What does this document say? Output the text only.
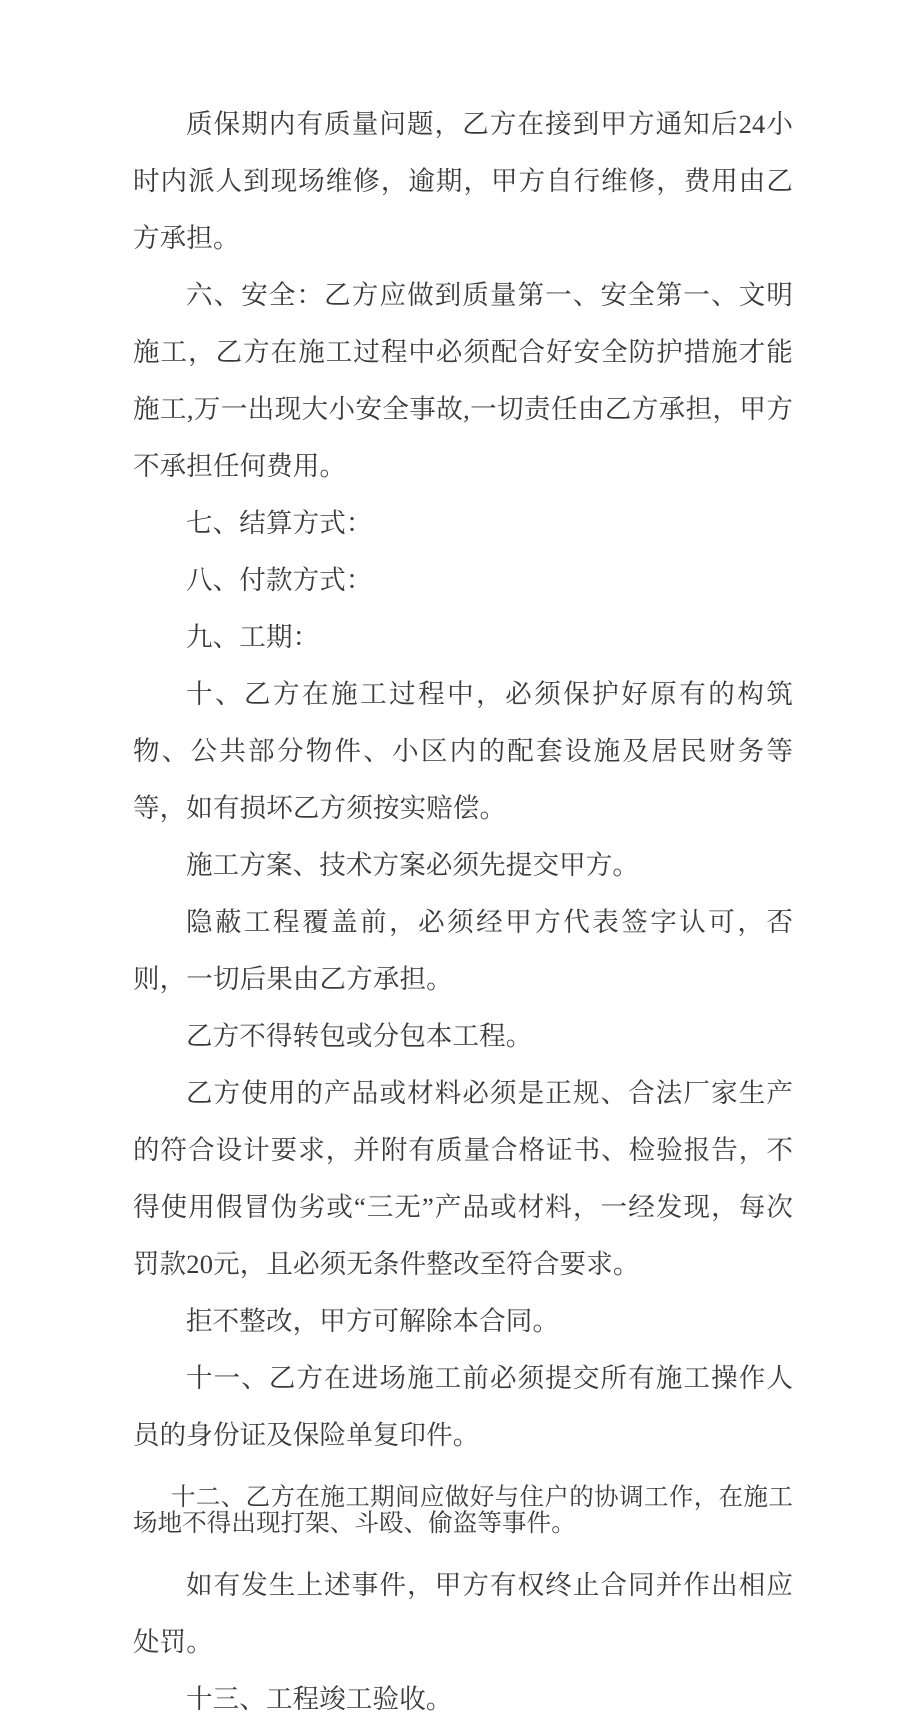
质保期内有质量问题，乙方在接到甲方通知后24小时内派人到现场维修，逾期，甲方自行维修，费用由乙方承担。

六、安全：乙方应做到质量第一、安全第一、文明施工，乙方在施工过程中必须配合好安全防护措施才能施工,万一出现大小安全事故,一切责任由乙方承担，甲方不承担任何费用。

七、结算方式：

八、付款方式：

九、工期：

十、乙方在施工过程中，必须保护好原有的构筑物、公共部分物件、小区内的配套设施及居民财务等等，如有损坏乙方须按实赔偿。

施工方案、技术方案必须先提交甲方。

隐蔽工程覆盖前，必须经甲方代表签字认可，否则，一切后果由乙方承担。

乙方不得转包或分包本工程。

乙方使用的产品或材料必须是正规、合法厂家生产的符合设计要求，并附有质量合格证书、检验报告，不得使用假冒伪劣或“三无”产品或材料，一经发现，每次罚款20元，且必须无条件整改至符合要求。

拒不整改，甲方可解除本合同。

十一、乙方在进场施工前必须提交所有施工操作人员的身份证及保险单复印件。

十二、乙方在施工期间应做好与住户的协调工作，在施工场地不得出现打架、斗殴、偷盗等事件。

如有发生上述事件，甲方有权终止合同并作出相应处罚。

十三、工程竣工验收。
